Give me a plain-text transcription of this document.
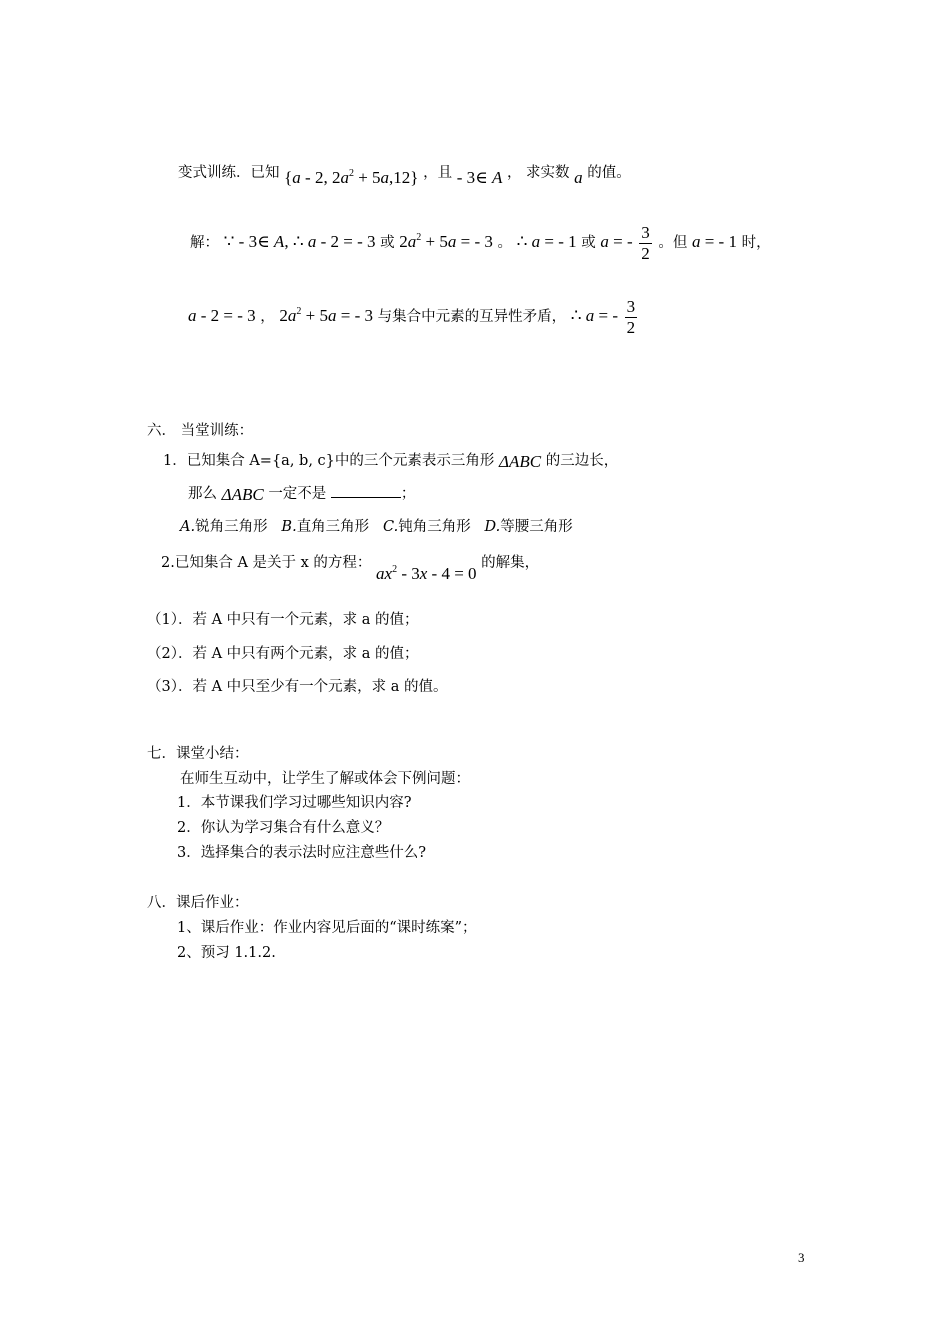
变式训练．已知 {a - 2, $2a^2 + 5a,12$} ，且 - 3∈ A ， 求实数 a 的值。
解： ∵ - 3∈ A, ∴ a - 2 = - 3 或 $2a^2 + 5a$ = - 3 。 ∴ a = - 1 或 a = - $\frac{3}{2}$ 。但 a = - 1 时，
a - 2 = - 3 ， $2a^2 + 5a$ = - 3 与集合中元素的互异性矛盾， ∴ a = - $\frac{3}{2}$
六． 当堂训练：
1．已知集合 A={a, b, c}中的三个元素表示三角形 ΔABC 的三边长，
那么 ΔABC 一定不是	；
A.锐角三角形 B.直角三角形 C.钝角三角形 D.等腰三角形
2.已知集合 A 是关于 x 的方程： $ax^2 - 3x - 4 = 0$ 的解集，
（1）．若 A 中只有一个元素，求 a 的值；
（2）．若 A 中只有两个元素，求 a 的值；
（3）．若 A 中只至少有一个元素，求 a 的值。
七．课堂小结：
在师生互动中，让学生了解或体会下例问题：
1．本节课我们学习过哪些知识内容?
2．你认为学习集合有什么意义？
3．选择集合的表示法时应注意些什么?
八．课后作业：
1、课后作业：作业内容见后面的“课时练案”；
2、预习 1.1.2.
3
